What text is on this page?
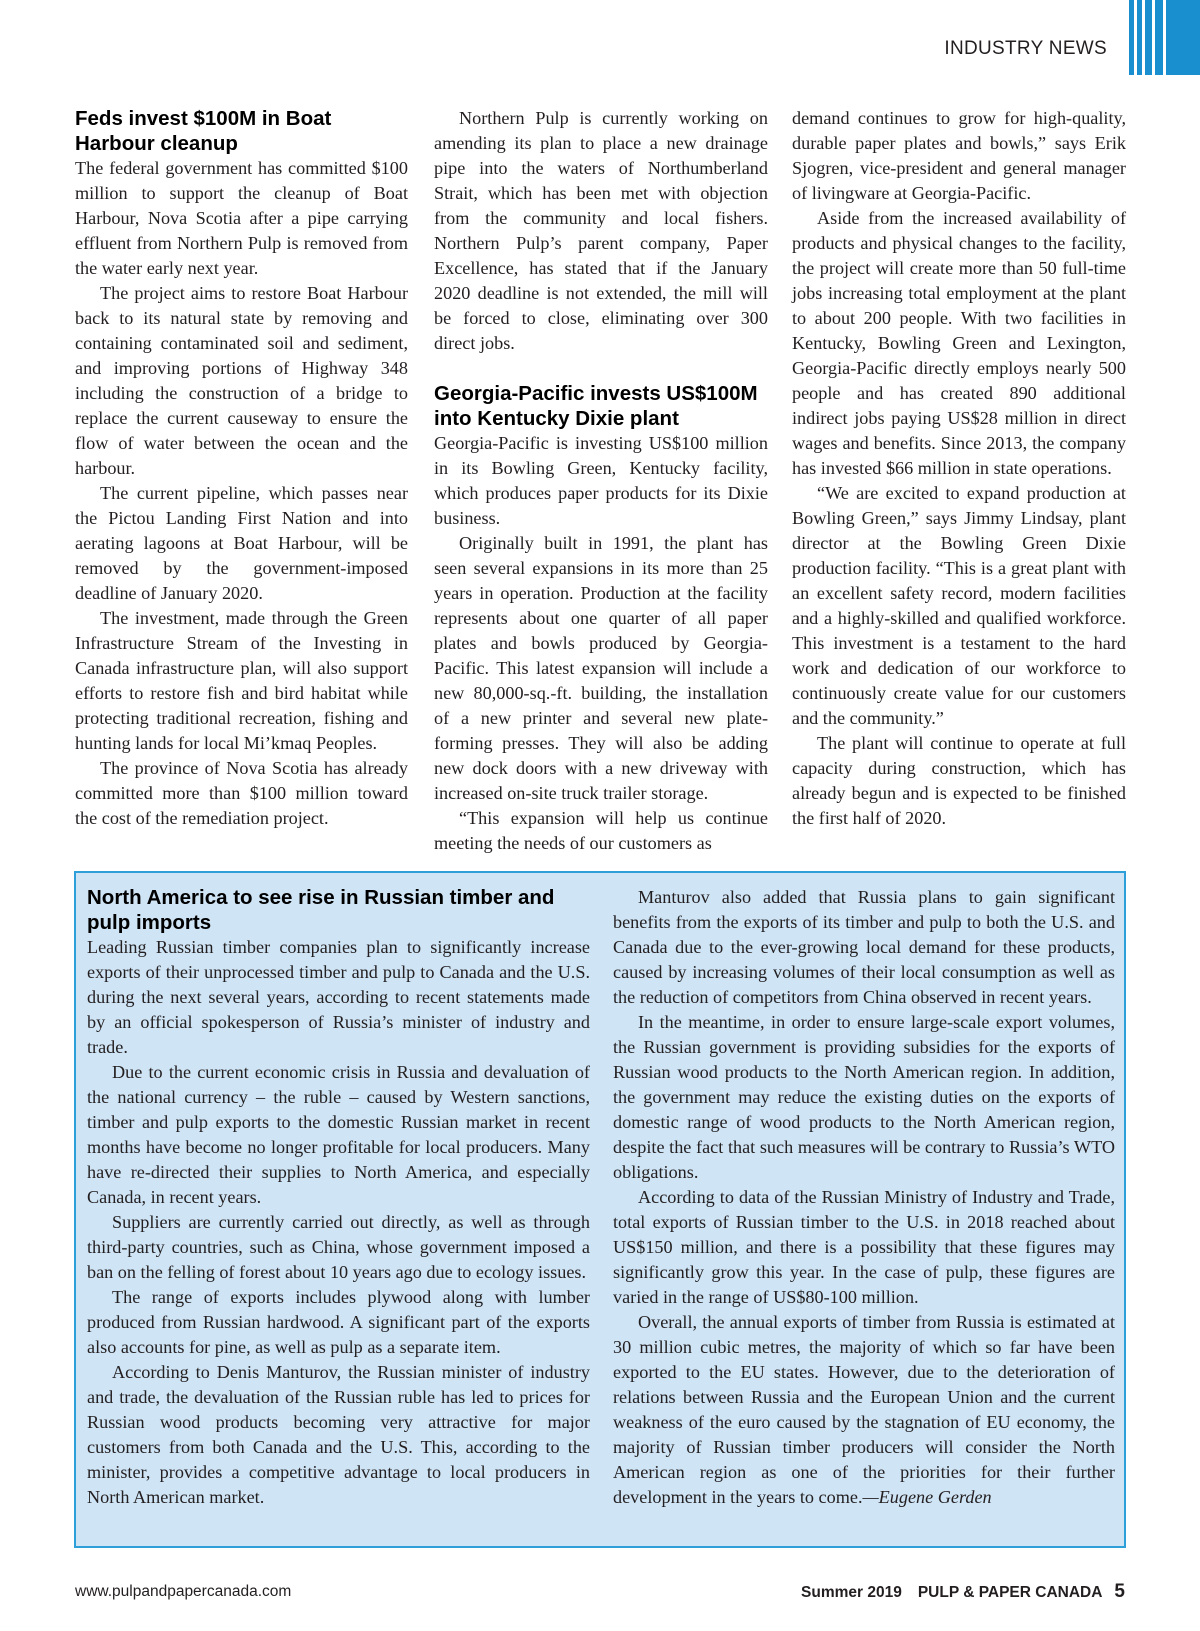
INDUSTRY NEWS
Feds invest $100M in Boat Harbour cleanup

The federal government has committed $100 million to support the cleanup of Boat Harbour, Nova Scotia after a pipe carrying effluent from Northern Pulp is removed from the water early next year.

The project aims to restore Boat Harbour back to its natural state by removing and containing contaminated soil and sediment, and improving portions of Highway 348 including the construction of a bridge to replace the current causeway to ensure the flow of water between the ocean and the harbour.

The current pipeline, which passes near the Pictou Landing First Nation and into aerating lagoons at Boat Harbour, will be removed by the government-imposed deadline of January 2020.

The investment, made through the Green Infrastructure Stream of the Investing in Canada infrastructure plan, will also support efforts to restore fish and bird habitat while protecting traditional recreation, fishing and hunting lands for local Mi’kmaq Peoples.

The province of Nova Scotia has already committed more than $100 million toward the cost of the remediation project.

Northern Pulp is currently working on amending its plan to place a new drainage pipe into the waters of Northumberland Strait, which has been met with objection from the community and local fishers. Northern Pulp’s parent company, Paper Excellence, has stated that if the January 2020 deadline is not extended, the mill will be forced to close, eliminating over 300 direct jobs.

Georgia-Pacific invests US$100M into Kentucky Dixie plant

Georgia-Pacific is investing US$100 million in its Bowling Green, Kentucky facility, which produces paper products for its Dixie business.

Originally built in 1991, the plant has seen several expansions in its more than 25 years in operation. Production at the facility represents about one quarter of all paper plates and bowls produced by Georgia-Pacific. This latest expansion will include a new 80,000-sq.-ft. building, the installation of a new printer and several new plate-forming presses. They will also be adding new dock doors with a new driveway with increased on-site truck trailer storage.

“This expansion will help us continue meeting the needs of our customers as

demand continues to grow for high-quality, durable paper plates and bowls,” says Erik Sjogren, vice-president and general manager of livingware at Georgia-Pacific.

Aside from the increased availability of products and physical changes to the facility, the project will create more than 50 full-time jobs increasing total employment at the plant to about 200 people. With two facilities in Kentucky, Bowling Green and Lexington, Georgia-Pacific directly employs nearly 500 people and has created 890 additional indirect jobs paying US$28 million in direct wages and benefits. Since 2013, the company has invested $66 million in state operations.

“We are excited to expand production at Bowling Green,” says Jimmy Lindsay, plant director at the Bowling Green Dixie production facility. “This is a great plant with an excellent safety record, modern facilities and a highly-skilled and qualified workforce. This investment is a testament to the hard work and dedication of our workforce to continuously create value for our customers and the community.”

The plant will continue to operate at full capacity during construction, which has already begun and is expected to be finished the first half of 2020.

North America to see rise in Russian timber and pulp imports

Leading Russian timber companies plan to significantly increase exports of their unprocessed timber and pulp to Canada and the U.S. during the next several years, according to recent statements made by an official spokesperson of Russia’s minister of industry and trade.

Due to the current economic crisis in Russia and devaluation of the national currency – the ruble – caused by Western sanctions, timber and pulp exports to the domestic Russian market in recent months have become no longer profitable for local producers. Many have re-directed their supplies to North America, and especially Canada, in recent years.

Suppliers are currently carried out directly, as well as through third-party countries, such as China, whose government imposed a ban on the felling of forest about 10 years ago due to ecology issues.

The range of exports includes plywood along with lumber produced from Russian hardwood. A significant part of the exports also accounts for pine, as well as pulp as a separate item.

According to Denis Manturov, the Russian minister of industry and trade, the devaluation of the Russian ruble has led to prices for Russian wood products becoming very attractive for major customers from both Canada and the U.S. This, according to the minister, provides a competitive advantage to local producers in North American market.

Manturov also added that Russia plans to gain significant benefits from the exports of its timber and pulp to both the U.S. and Canada due to the ever-growing local demand for these products, caused by increasing volumes of their local consumption as well as the reduction of competitors from China observed in recent years.

In the meantime, in order to ensure large-scale export volumes, the Russian government is providing subsidies for the exports of Russian wood products to the North American region. In addition, the government may reduce the existing duties on the exports of domestic range of wood products to the North American region, despite the fact that such measures will be contrary to Russia’s WTO obligations.

According to data of the Russian Ministry of Industry and Trade, total exports of Russian timber to the U.S. in 2018 reached about US$150 million, and there is a possibility that these figures may significantly grow this year. In the case of pulp, these figures are varied in the range of US$80-100 million.

Overall, the annual exports of timber from Russia is estimated at 30 million cubic metres, the majority of which so far have been exported to the EU states. However, due to the deterioration of relations between Russia and the European Union and the current weakness of the euro caused by the stagnation of EU economy, the majority of Russian timber producers will consider the North American region as one of the priorities for their further development in the years to come.—Eugene Gerden

www.pulpandpapercanada.com	Summer 2019 PULP & PAPER CANADA 5
